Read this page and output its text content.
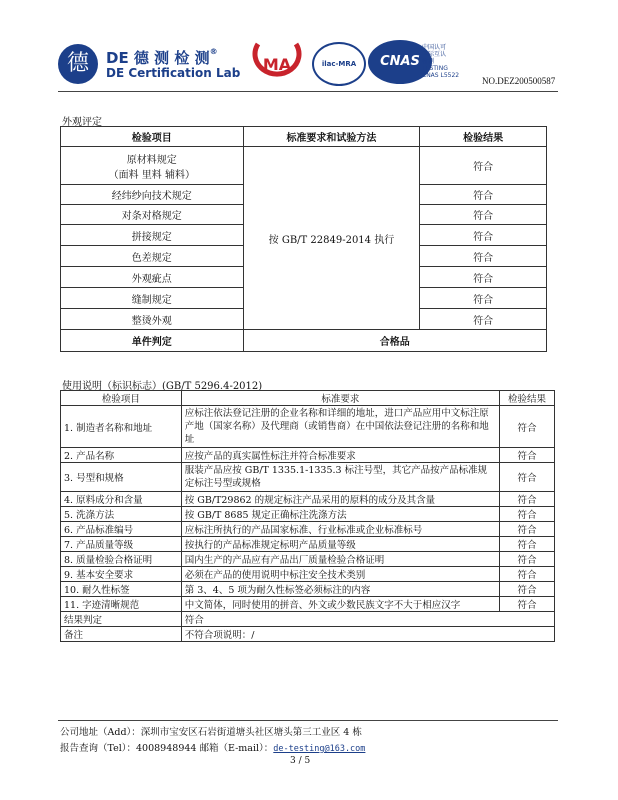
德	DE 德 测 检 测®
DE Certification Lab MA	ilac-MRA	CNAS
中国认可
国际互认
检测
TESTING
CNAS L5522
NO.DEZ200500587
外观评定
检验项目	标准要求和试验方法	检验结果

原材料规定
（面料 里料 辅料）	按 GB/T 22849-2014 执行	符合
经纬纱向技术规定		符合
对条对格规定		符合
拼接规定		符合
色差规定		符合
外观疵点		符合
缝制规定		符合
整烫外观		符合
单件判定	合格品	
使用说明（标识标志）(GB/T 5296.4-2012)
检验项目	标准要求	检验结果
1. 制造者名称和地址	应标注依法登记注册的企业名称和详细的地址，进口产品应用中文标注原产地（国家名称）及代理商（或销售商）在中国依法登记注册的名称和地址	符合
2. 产品名称	应按产品的真实属性标注并符合标准要求	符合
3. 号型和规格	服装产品应按 GB/T 1335.1-1335.3 标注号型，其它产品按产品标准规定标注号型或规格	符合
4. 原料成分和含量	按 GB/T29862 的规定标注产品采用的原料的成分及其含量	符合
5. 洗涤方法	按 GB/T 8685 规定正确标注洗涤方法	符合
6. 产品标准编号	应标注所执行的产品国家标准、行业标准或企业标准标号	符合
7. 产品质量等级	按执行的产品标准规定标明产品质量等级	符合
8. 质量检验合格证明	国内生产的产品应有产品出厂质量检验合格证明	符合
9. 基本安全要求	必须在产品的使用说明中标注安全技术类别	符合
10. 耐久性标签	第 3、4、5 项为耐久性标签必须标注的内容	符合
11. 字迹清晰规范	中文简体，同时使用的拼音、外文或少数民族文字不大于相应汉字	符合
结果判定	符合	
备注	不符合项说明：/	
公司地址（Add）：深圳市宝安区石岩街道塘头社区塘头第三工业区 4 栋
报告查询（Tel）：4008948944 邮箱（E-mail）：de-testing@163.com
3 / 5
